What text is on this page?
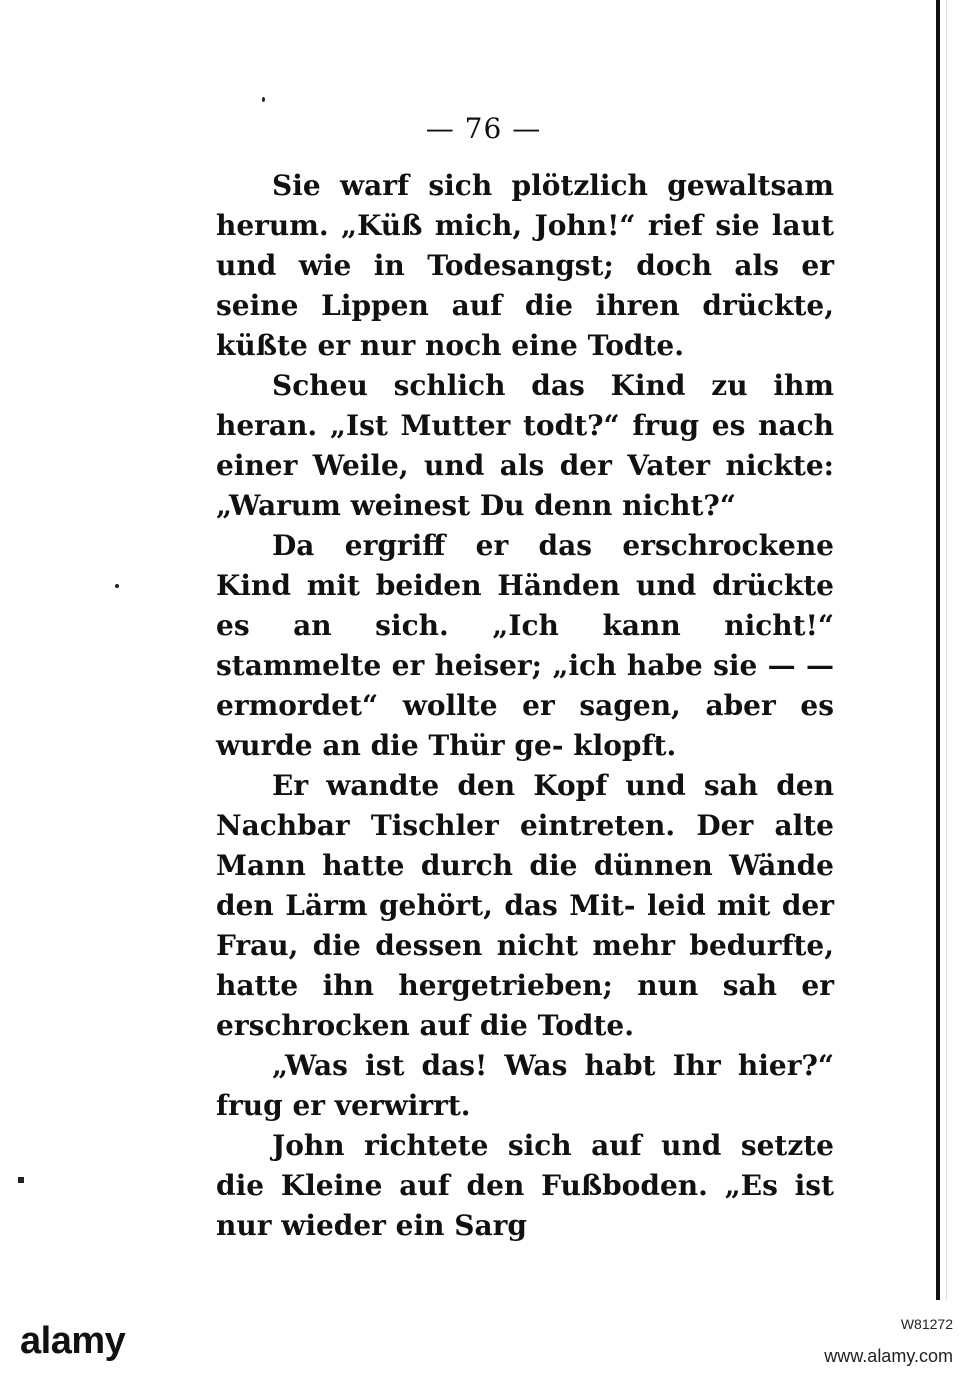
— 76 —

Sie warf sich plötzlich gewaltsam herum. „Küß mich, John!“ rief sie laut und wie in Todesangst; doch als er seine Lippen auf die ihren drückte, küßte er nur noch eine Todte.

Scheu schlich das Kind zu ihm heran. „Ist Mutter todt?“ frug es nach einer Weile, und als der Vater nickte: „Warum weinest Du denn nicht?“

Da ergriff er das erschrockene Kind mit beiden Händen und drückte es an sich. „Ich kann nicht!“ stammelte er heiser; „ich habe sie — — ermordet“ wollte er sagen, aber es wurde an die Thür ge- klopft.

Er wandte den Kopf und sah den Nachbar Tischler eintreten. Der alte Mann hatte durch die dünnen Wände den Lärm gehört, das Mit- leid mit der Frau, die dessen nicht mehr bedurfte, hatte ihn hergetrieben; nun sah er erschrocken auf die Todte.

„Was ist das! Was habt Ihr hier?“ frug er verwirrt.

John richtete sich auf und setzte die Kleine auf den Fußboden. „Es ist nur wieder ein Sarg

alamy	W81272
www.alamy.com
